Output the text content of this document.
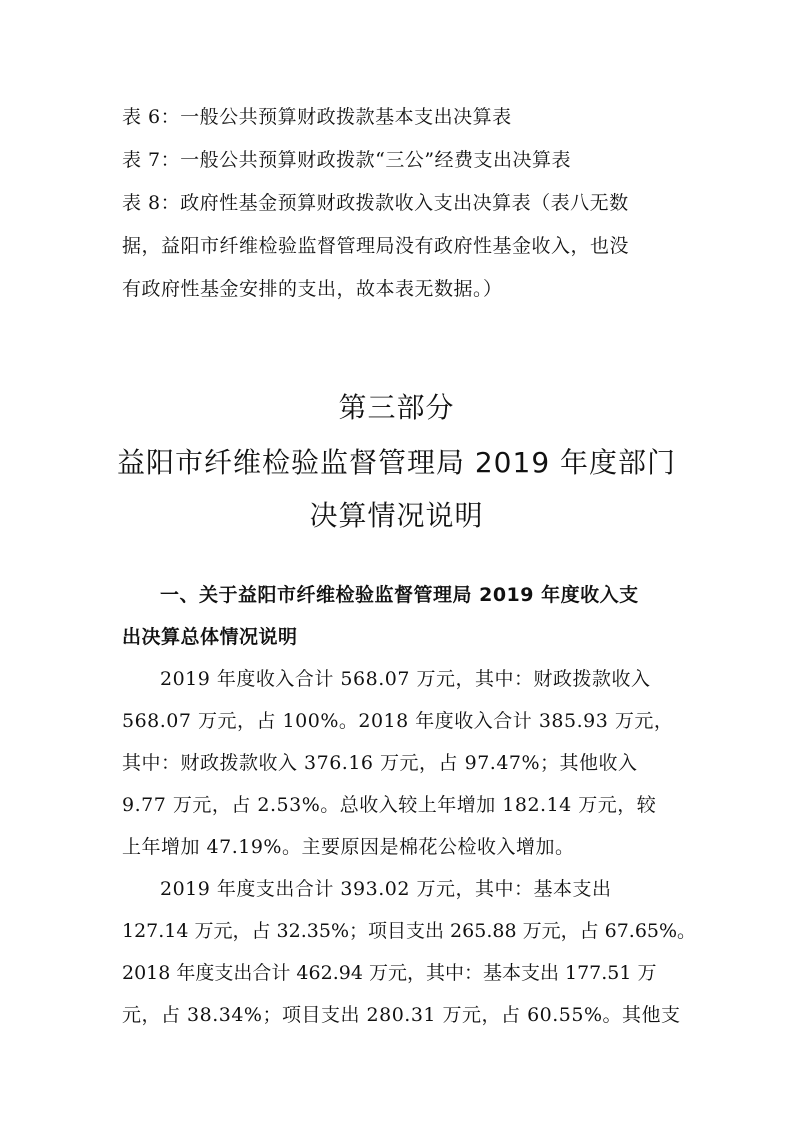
表 6：一般公共预算财政拨款基本支出决算表
表 7：一般公共预算财政拨款“三公”经费支出决算表
表 8：政府性基金预算财政拨款收入支出决算表（表八无数
据，益阳市纤维检验监督管理局没有政府性基金收入，也没
有政府性基金安排的支出，故本表无数据。）
第三部分
益阳市纤维检验监督管理局 2019 年度部门
决算情况说明
一、关于益阳市纤维检验监督管理局 2019 年度收入支
出决算总体情况说明
2019 年度收入合计 568.07 万元，其中：财政拨款收入
568.07 万元，占 100%。2018 年度收入合计 385.93 万元，
其中：财政拨款收入 376.16 万元，占 97.47%；其他收入
9.77 万元，占 2.53%。总收入较上年增加 182.14 万元，较
上年增加 47.19%。主要原因是棉花公检收入增加。
2019 年度支出合计 393.02 万元，其中：基本支出
127.14 万元，占 32.35%；项目支出 265.88 万元，占 67.65%。
2018 年度支出合计 462.94 万元，其中：基本支出 177.51 万
元，占 38.34%；项目支出 280.31 万元，占 60.55%。其他支
